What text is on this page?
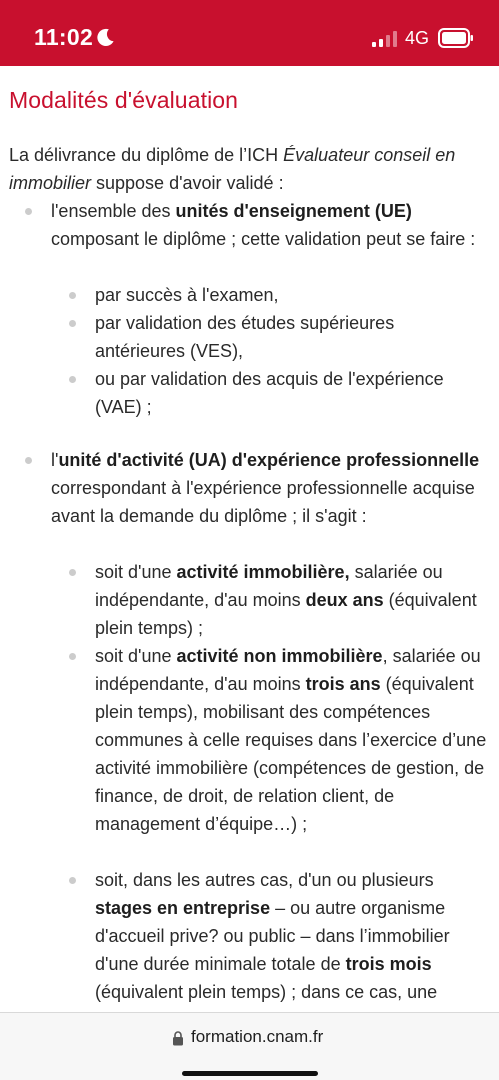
11:02	4G
Modalités d'évaluation

La délivrance du diplôme de l’ICH Évaluateur conseil en immobilier suppose d'avoir validé :

l'ensemble des unités d'enseignement (UE) composant le diplôme ; cette validation peut se faire :
par succès à l'examen,
par validation des études supérieures antérieures (VES),
ou par validation des acquis de l'expérience (VAE) ;
l'unité d'activité (UA) d'expérience professionnelle correspondant à l'expérience professionnelle acquise avant la demande du diplôme ; il s'agit :
soit d'une activité immobilière, salariée ou indépendante, d'au moins deux ans (équivalent plein temps) ;
soit d'une activité non immobilière, salariée ou indépendante, d'au moins trois ans (équivalent plein temps), mobilisant des compétences communes à celle requises dans l’exercice d’une activité immobilière (compétences de gestion, de finance, de droit, de relation client, de management d’équipe…) ;
soit, dans les autres cas, d'un ou plusieurs stages en entreprise – ou autre organisme d'accueil prive? ou public – dans l’immobilier d'une durée minimale totale de trois mois (équivalent plein temps) ; dans ce cas, une
formation.cnam.fr
